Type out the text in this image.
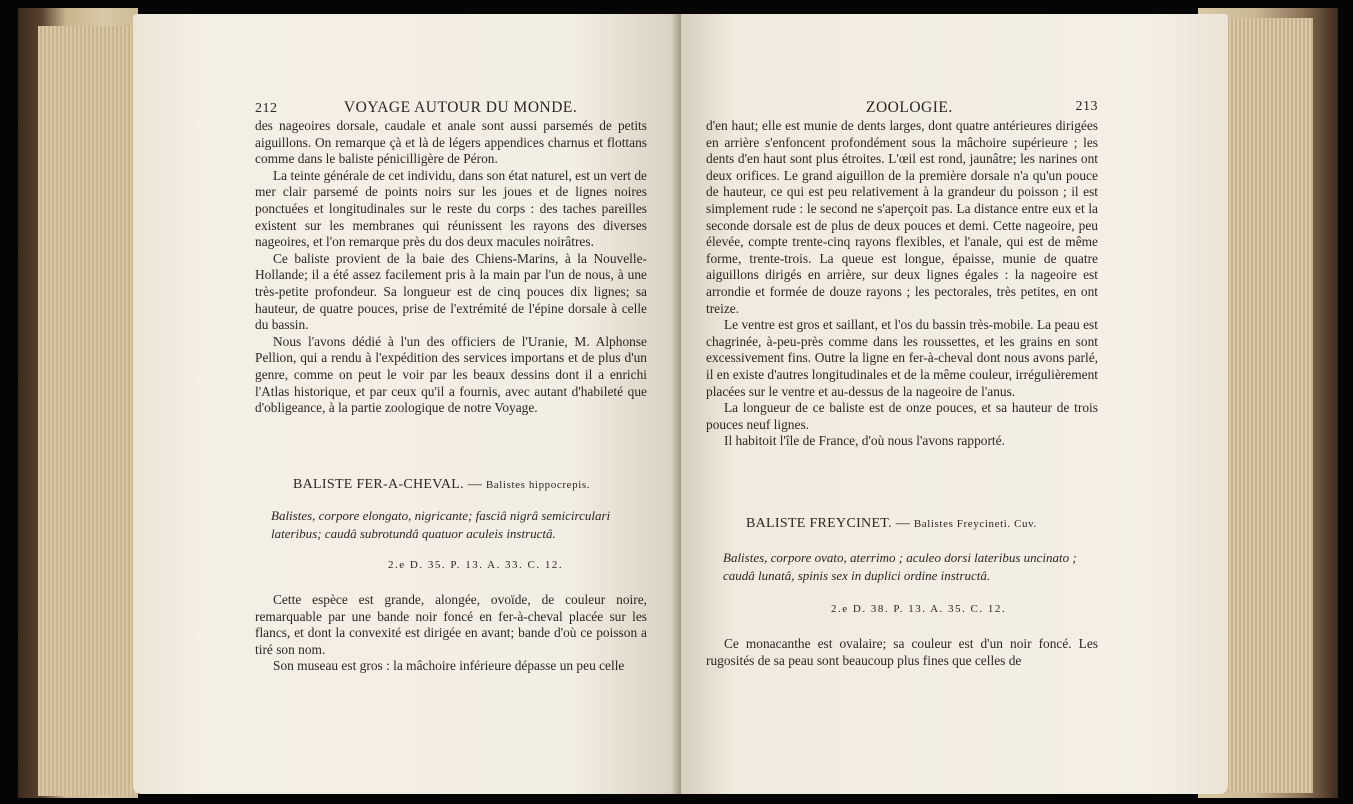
212	VOYAGE AUTOUR DU MONDE.

des nageoires dorsale, caudale et anale sont aussi parsemés de petits aiguillons. On remarque çà et là de légers appendices charnus et flottans comme dans le baliste pénicilligère de Péron.

La teinte générale de cet individu, dans son état naturel, est un vert de mer clair parsemé de points noirs sur les joues et de lignes noires ponctuées et longitudinales sur le reste du corps : des taches pareilles existent sur les membranes qui réunissent les rayons des diverses nageoires, et l'on remarque près du dos deux macules noirâtres.

Ce baliste provient de la baie des Chiens-Marins, à la Nouvelle-Hollande; il a été assez facilement pris à la main par l'un de nous, à une très-petite profondeur. Sa longueur est de cinq pouces dix lignes; sa hauteur, de quatre pouces, prise de l'extrémité de l'épine dorsale à celle du bassin.

Nous l'avons dédié à l'un des officiers de l'Uranie, M. Alphonse Pellion, qui a rendu à l'expédition des services importans et de plus d'un genre, comme on peut le voir par les beaux dessins dont il a enrichi l'Atlas historique, et par ceux qu'il a fournis, avec autant d'habileté que d'obligeance, à la partie zoologique de notre Voyage.

BALISTE FER-A-CHEVAL. — Balistes hippocrepis.
Balistes, corpore elongato, nigricante; fasciâ nigrâ semicirculari lateribus; caudâ subrotundâ quatuor aculeis instructâ.
2.e D. 35. P. 13. A. 33. C. 12.

Cette espèce est grande, alongée, ovoïde, de couleur noire, remarquable par une bande noir foncé en fer-à-cheval placée sur les flancs, et dont la convexité est dirigée en avant; bande d'où ce poisson a tiré son nom.

Son museau est gros : la mâchoire inférieure dépasse un peu celle

ZOOLOGIE.	213

d'en haut; elle est munie de dents larges, dont quatre antérieures dirigées en arrière s'enfoncent profondément sous la mâchoire supérieure ; les dents d'en haut sont plus étroites. L'œil est rond, jaunâtre; les narines ont deux orifices. Le grand aiguillon de la première dorsale n'a qu'un pouce de hauteur, ce qui est peu relativement à la grandeur du poisson ; il est simplement rude : le second ne s'aperçoit pas. La distance entre eux et la seconde dorsale est de plus de deux pouces et demi. Cette nageoire, peu élevée, compte trente-cinq rayons flexibles, et l'anale, qui est de même forme, trente-trois. La queue est longue, épaisse, munie de quatre aiguillons dirigés en arrière, sur deux lignes égales : la nageoire est arrondie et formée de douze rayons ; les pectorales, très petites, en ont treize.

Le ventre est gros et saillant, et l'os du bassin très-mobile. La peau est chagrinée, à-peu-près comme dans les roussettes, et les grains en sont excessivement fins. Outre la ligne en fer-à-cheval dont nous avons parlé, il en existe d'autres longitudinales et de la même couleur, irrégulièrement placées sur le ventre et au-dessus de la nageoire de l'anus.

La longueur de ce baliste est de onze pouces, et sa hauteur de trois pouces neuf lignes.

Il habitoit l'île de France, d'où nous l'avons rapporté.

BALISTE FREYCINET. — Balistes Freycineti. Cuv.
Balistes, corpore ovato, aterrimo ; aculeo dorsi lateribus uncinato ; caudâ lunatâ, spinis sex in duplici ordine instructâ.
2.e D. 38. P. 13. A. 35. C. 12.

Ce monacanthe est ovalaire; sa couleur est d'un noir foncé. Les rugosités de sa peau sont beaucoup plus fines que celles de
